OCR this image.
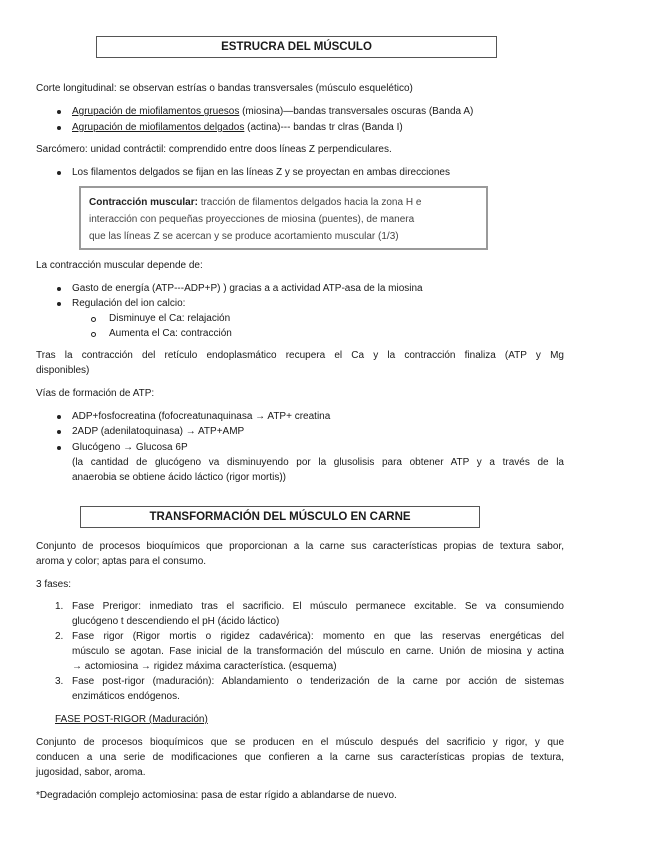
ESTRUCRA DEL MÚSCULO
Corte longitudinal: se observan estrías o bandas transversales (músculo esquelético)
Agrupación de miofilamentos gruesos (miosina)—bandas transversales oscuras (Banda A)
Agrupación de miofilamentos delgados (actina)--- bandas tr clras (Banda I)
Sarcómero: unidad contráctil: comprendido entre doos líneas Z perpendiculares.
Los filamentos delgados se fijan en las líneas Z y se proyectan en ambas direcciones
Contracción muscular: tracción de filamentos delgados hacia la zona H e
interacción con pequeñas proyecciones de miosina (puentes), de manera
que las líneas Z se acercan y se produce acortamiento muscular (1/3)
La contracción muscular depende de:
Gasto de energía (ATP---ADP+P) ) gracias a a actividad ATP-asa de la miosina
Regulación del ion calcio:
Disminuye el Ca: relajación
Aumenta el Ca: contracción
Tras la contracción del retículo endoplasmático recupera el Ca y la contracción finaliza (ATP y Mg
disponibles)
Vías de formación de ATP:
ADP+fosfocreatina (fofocreatunaquinasa → ATP+ creatina
2ADP (adenilatoquinasa) → ATP+AMP
Glucógeno → Glucosa 6P
(la cantidad de glucógeno va disminuyendo por la glusolisis para obtener ATP y a través de la
anaerobia se obtiene ácido láctico (rigor mortis))
TRANSFORMACIÓN DEL MÚSCULO EN CARNE
Conjunto de procesos bioquímicos que proporcionan a la carne sus características propias de textura sabor,
aroma y color; aptas para el consumo.
3 fases:
1. Fase Prerigor: inmediato tras el sacrificio. El músculo permanece excitable. Se va consumiendo
glucógeno t descendiendo el pH (ácido láctico)
2. Fase rigor (Rigor mortis o rigidez cadavérica): momento en que las reservas energéticas del
músculo se agotan. Fase inicial de la transformación del músculo en carne. Unión de miosina y actina
→ actomiosina → rigidez máxima característica. (esquema)
3. Fase post-rigor (maduración): Ablandamiento o tenderización de la carne por acción de sistemas
enzimáticos endógenos.
FASE POST-RIGOR (Maduración)
Conjunto de procesos bioquímicos que se producen en el músculo después del sacrificio y rigor, y que
conducen a una serie de modificaciones que confieren a la carne sus características propias de textura,
jugosidad, sabor, aroma.
*Degradación complejo actomiosina: pasa de estar rígido a ablandarse de nuevo.
